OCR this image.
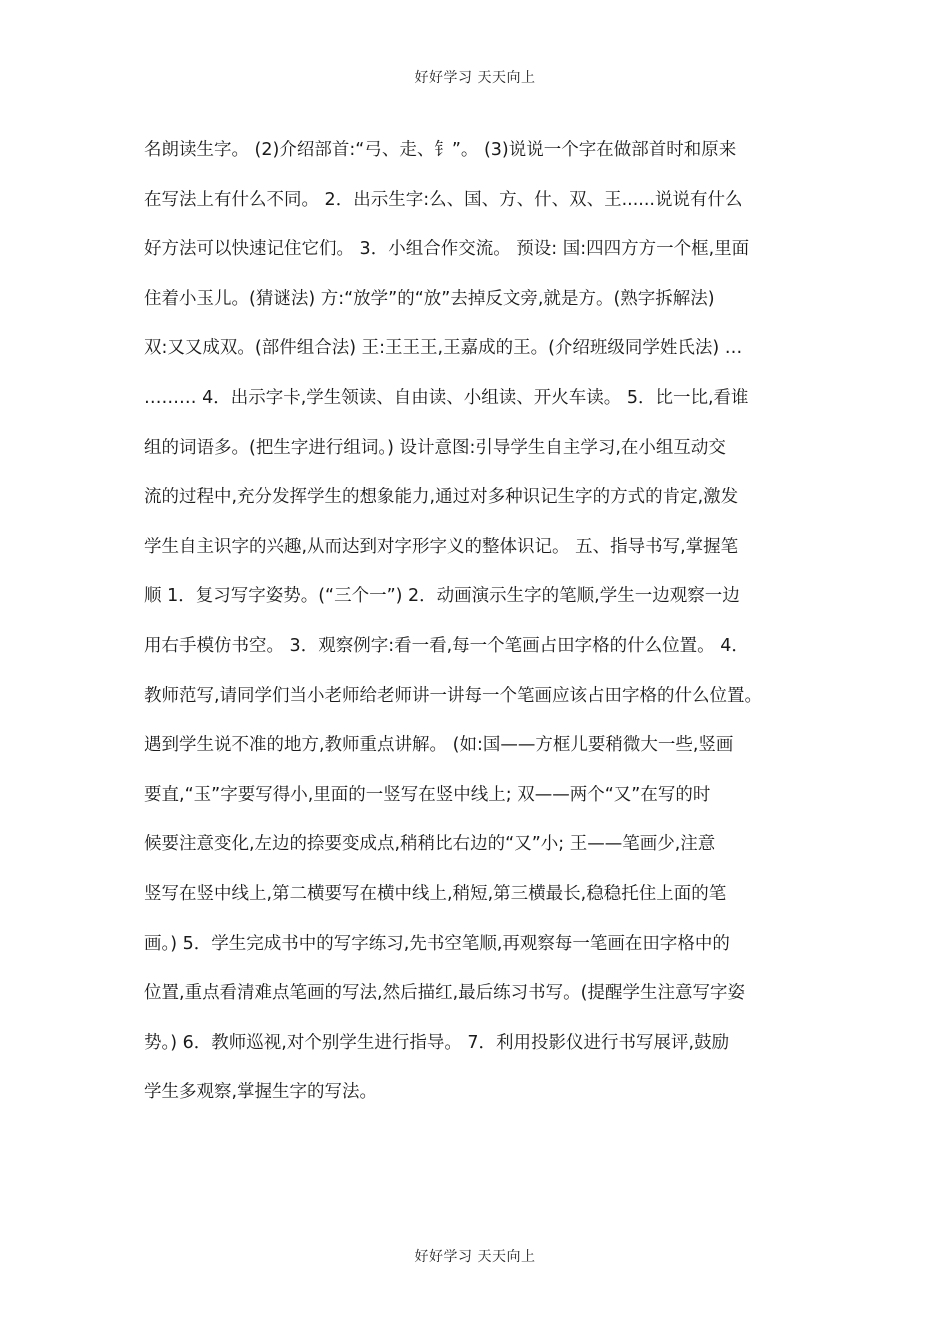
好好学习 天天向上
名朗读生字。 (2)介绍部首:“弓、走、钅”。 (3)说说一个字在做部首时和原来
在写法上有什么不同。 2．出示生字:么、国、方、什、双、王......说说有什么
好方法可以快速记住它们。 3．小组合作交流。 预设: 国:四四方方一个框,里面
住着小玉儿。(猜谜法) 方:“放学”的“放”去掉反文旁,就是方。(熟字拆解法)
双:又又成双。(部件组合法) 王:王王王,王嘉成的王。(介绍班级同学姓氏法) …
……… 4．出示字卡,学生领读、自由读、小组读、开火车读。 5．比一比,看谁
组的词语多。(把生字进行组词。) 设计意图:引导学生自主学习,在小组互动交
流的过程中,充分发挥学生的想象能力,通过对多种识记生字的方式的肯定,激发
学生自主识字的兴趣,从而达到对字形字义的整体识记。 五、指导书写,掌握笔
顺 1．复习写字姿势。(“三个一”) 2．动画演示生字的笔顺,学生一边观察一边
用右手模仿书空。 3．观察例字:看一看,每一个笔画占田字格的什么位置。 4．
教师范写,请同学们当小老师给老师讲一讲每一个笔画应该占田字格的什么位置。
遇到学生说不准的地方,教师重点讲解。 (如:国——方框儿要稍微大一些,竖画
要直,“玉”字要写得小,里面的一竖写在竖中线上; 双——两个“又”在写的时
候要注意变化,左边的捺要变成点,稍稍比右边的“又”小; 王——笔画少,注意
竖写在竖中线上,第二横要写在横中线上,稍短,第三横最长,稳稳托住上面的笔
画。) 5．学生完成书中的写字练习,先书空笔顺,再观察每一笔画在田字格中的
位置,重点看清难点笔画的写法,然后描红,最后练习书写。(提醒学生注意写字姿
势。) 6．教师巡视,对个别学生进行指导。 7．利用投影仪进行书写展评,鼓励
学生多观察,掌握生字的写法。
好好学习 天天向上
